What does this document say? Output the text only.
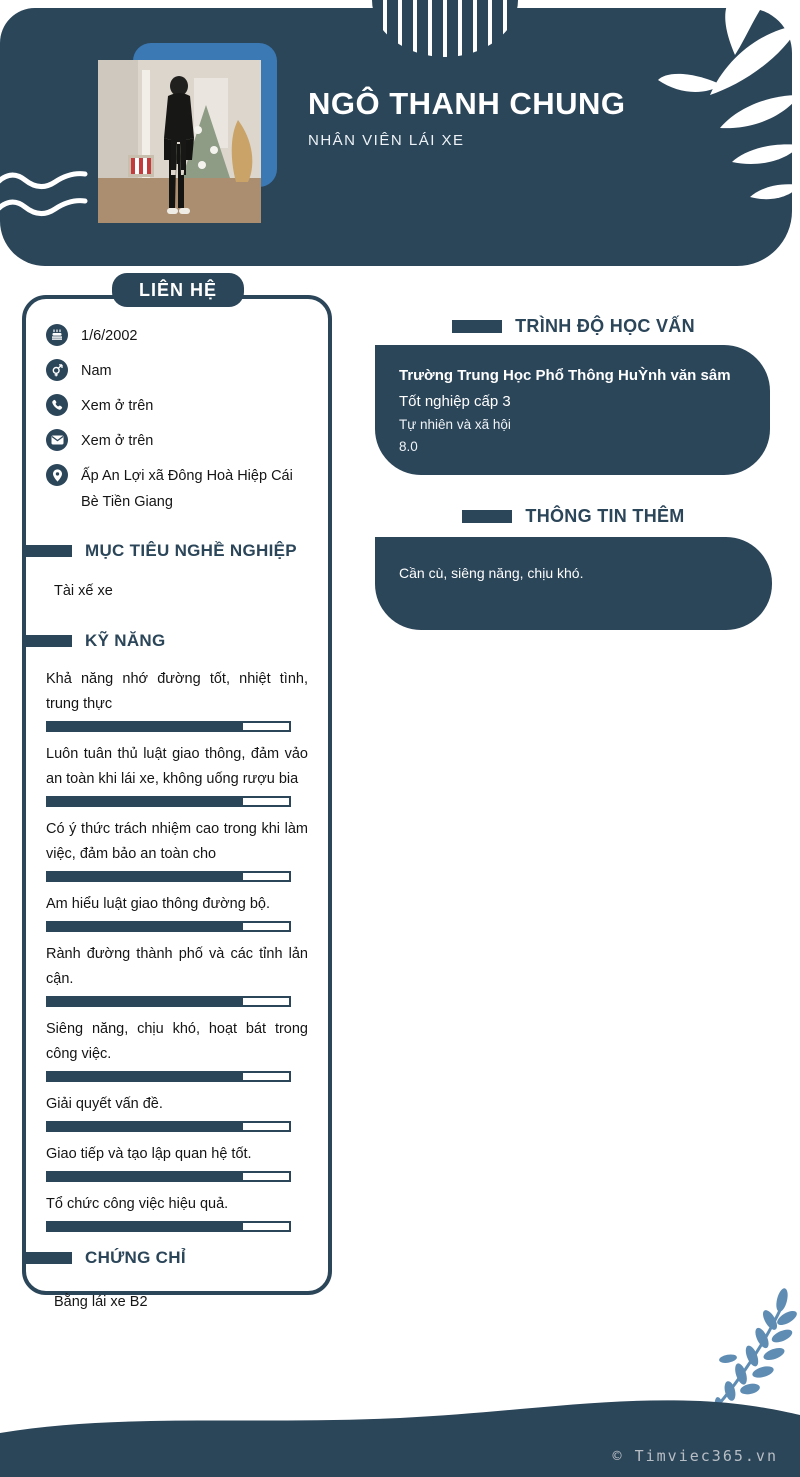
NGÔ THANH CHUNG
NHÂN VIÊN LÁI XE
LIÊN HỆ
1/6/2002
Nam
Xem ở trên
Xem ở trên
Ấp An Lợi xã Đông Hoà Hiệp Cái Bè Tiền Giang
MỤC TIÊU NGHỀ NGHIỆP
Tài xế xe
KỸ NĂNG
Khả năng nhớ đường tốt, nhiệt tình, trung thực
Luôn tuân thủ luật giao thông, đảm vảo an toàn khi lái xe, không uống rượu bia
Có ý thức trách nhiệm cao trong khi làm việc, đảm bảo an toàn cho
Am hiểu luật giao thông đường bộ.
Rành đường thành phố và các tỉnh lản cận.
Siêng năng, chịu khó, hoạt bát trong công việc.
Giải quyết vấn đề.
Giao tiếp và tạo lập quan hệ tốt.
Tổ chức công việc hiệu quả.
CHỨNG CHỈ
Bằng lái xe B2
TRÌNH ĐỘ HỌC VẤN
Trường Trung Học Phổ Thông HuỲnh văn sâm
Tốt nghiệp cấp 3
Tự nhiên và xã hội
8.0
THÔNG TIN THÊM
Cần cù, siêng năng, chịu khó.
© Timviec365.vn
